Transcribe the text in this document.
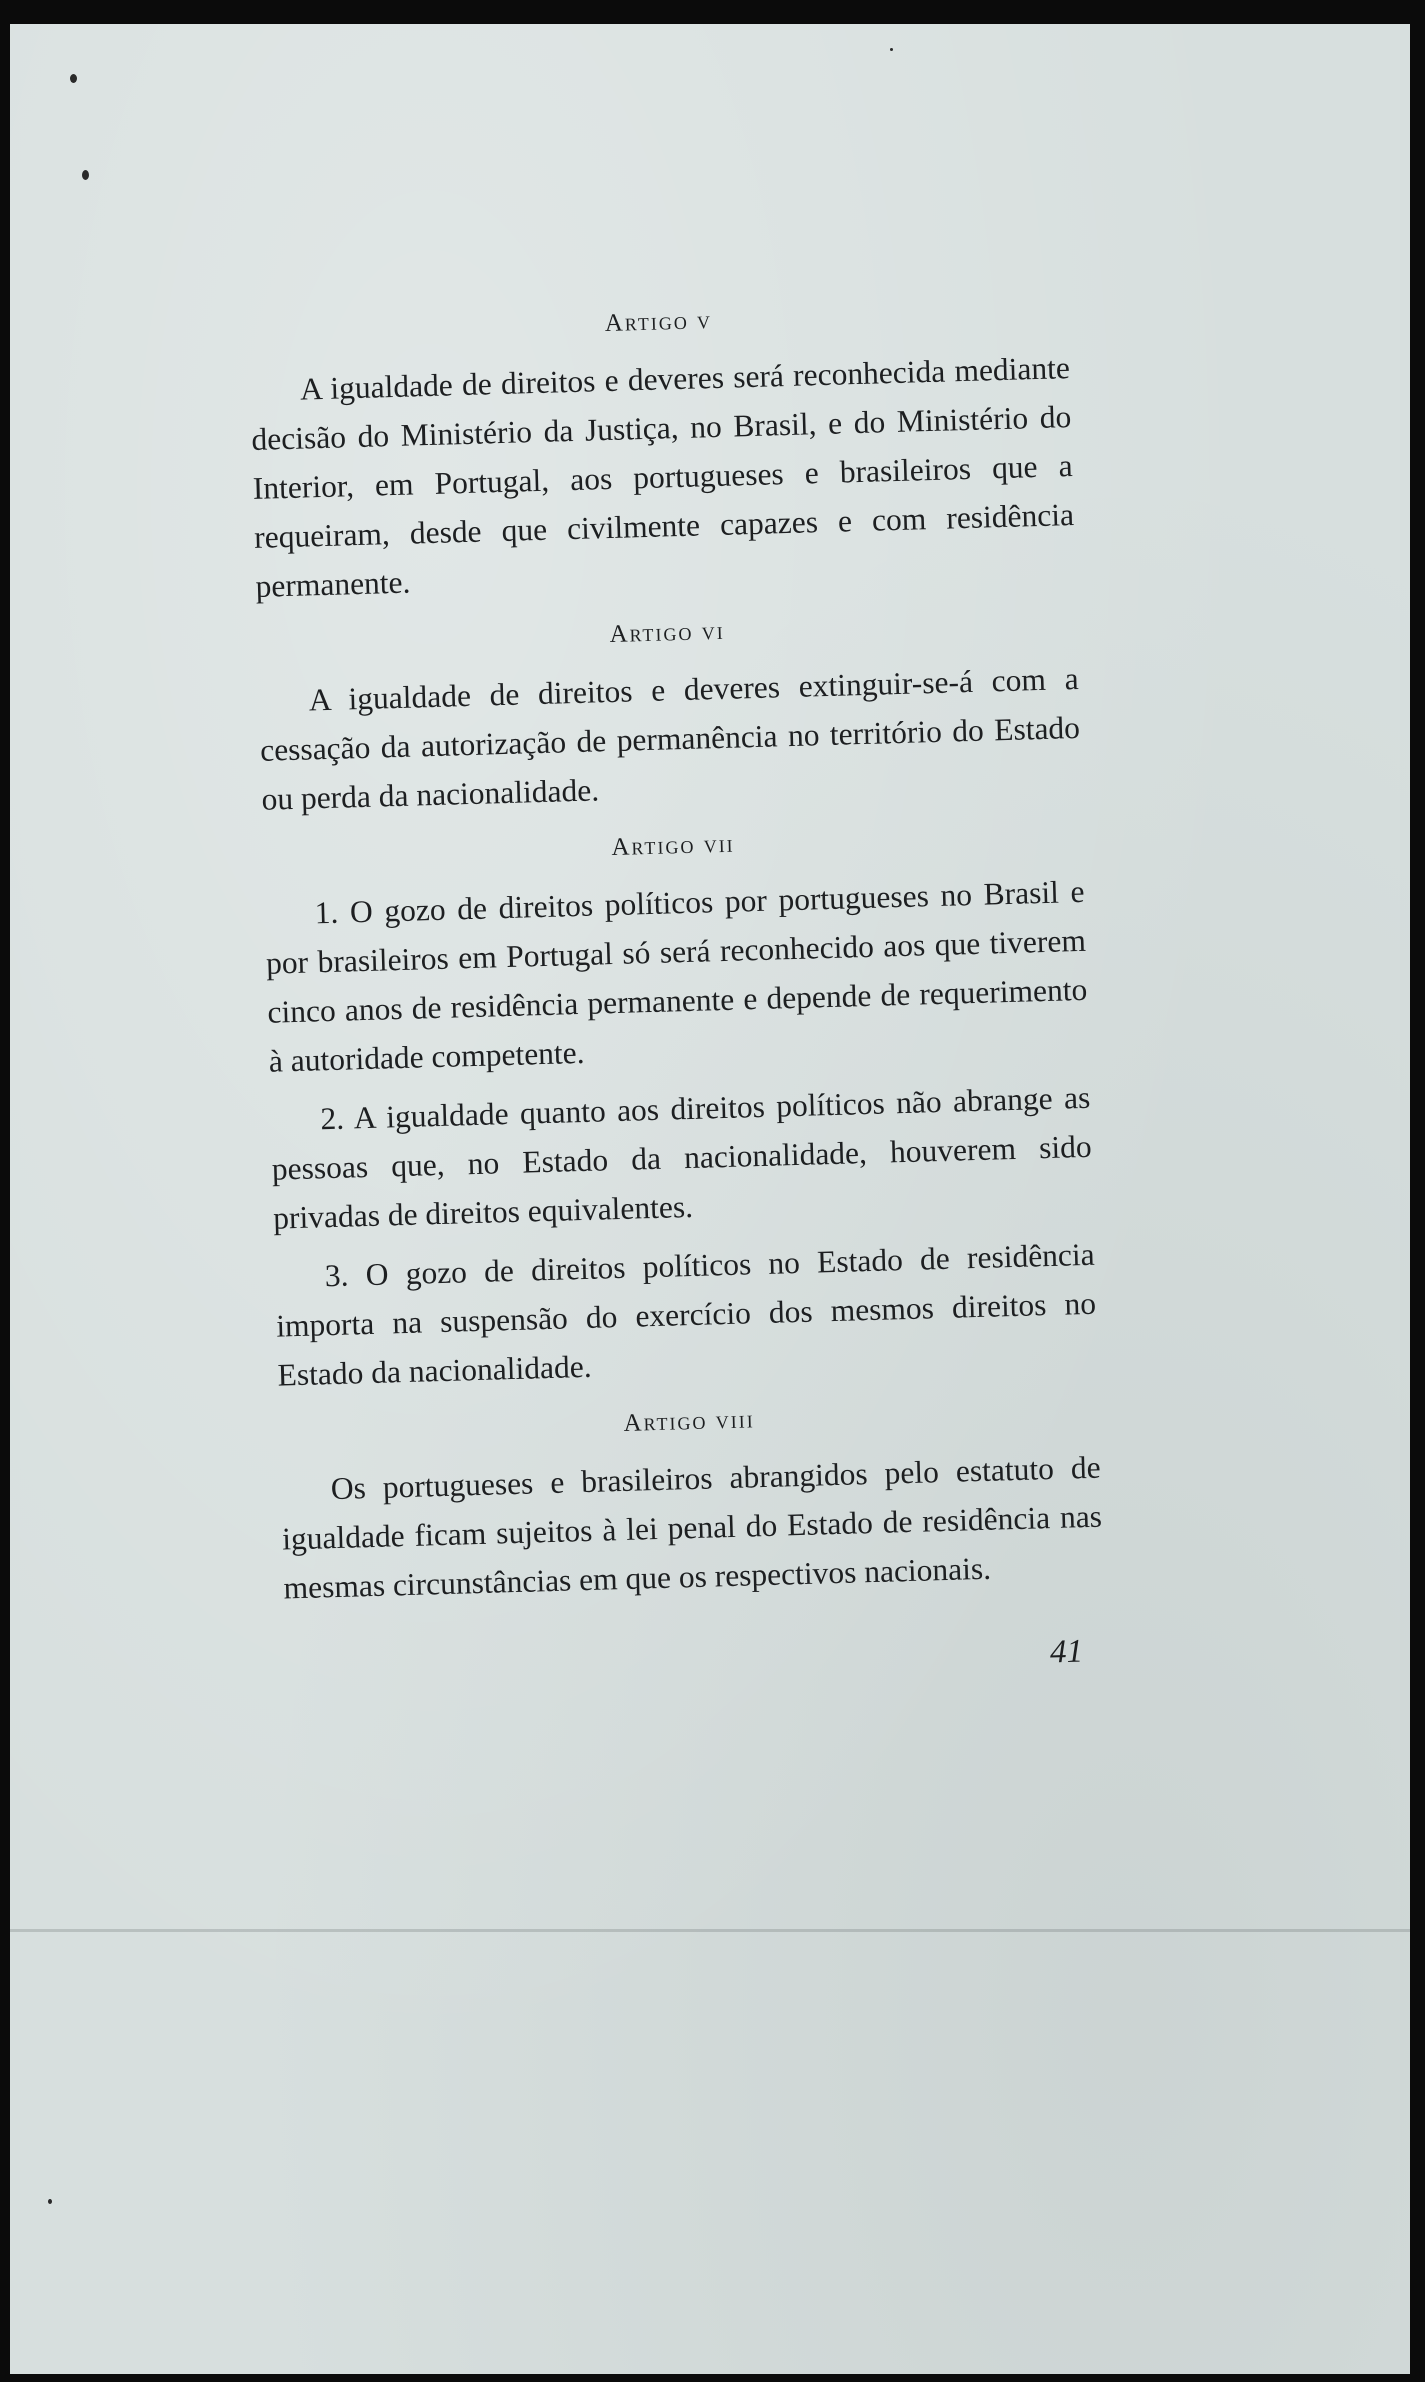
Artigo v

A igualdade de direitos e deveres será reconhecida mediante decisão do Ministério da Justiça, no Brasil, e do Ministério do Interior, em Portugal, aos portugueses e brasileiros que a requeiram, desde que civilmente capazes e com residência permanente.

Artigo vi

A igualdade de direitos e deveres extinguir-se-á com a cessação da autorização de permanência no território do Estado ou perda da nacionalidade.

Artigo vii

1. O gozo de direitos políticos por portugueses no Brasil e por brasileiros em Portugal só será reconhecido aos que tiverem cinco anos de residência permanente e depende de requerimento à autoridade competente.

2. A igualdade quanto aos direitos políticos não abrange as pessoas que, no Estado da nacionalidade, houverem sido privadas de direitos equivalentes.

3. O gozo de direitos políticos no Estado de residência importa na suspensão do exercício dos mesmos direitos no Estado da nacionalidade.

Artigo viii

Os portugueses e brasileiros abrangidos pelo estatuto de igualdade ficam sujeitos à lei penal do Estado de residência nas mesmas circunstâncias em que os respectivos nacionais.

41
